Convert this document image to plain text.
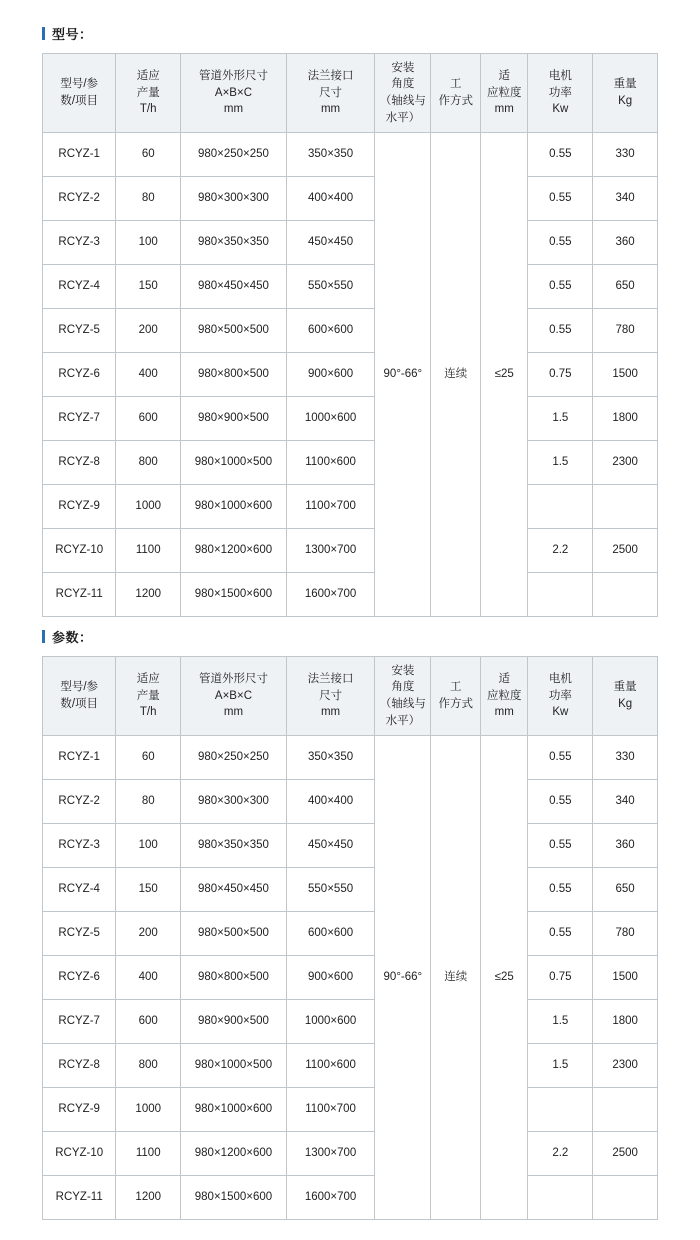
型号：
型号/参
数/项目	适应
产量
T/h	管道外形尺寸
A×B×C
mm	法兰接口
尺寸
mm	安装
角度
（轴线与
水平）	工
作方式	适
应粒度
mm	电机
功率
Kw	重量
Kg

RCYZ-1	60	980×250×250	350×350	90°-66°	连续	≤25	0.55	330
RCYZ-2	80	980×300×300	400×400				0.55	340
RCYZ-3	100	980×350×350	450×450				0.55	360
RCYZ-4	150	980×450×450	550×550				0.55	650
RCYZ-5	200	980×500×500	600×600				0.55	780
RCYZ-6	400	980×800×500	900×600				0.75	1500
RCYZ-7	600	980×900×500	1000×600				1.5	1800
RCYZ-8	800	980×1000×500	1100×600				1.5	2300
RCYZ-9	1000	980×1000×600	1100×700					
RCYZ-10	1100	980×1200×600	1300×700				2.2	2500
RCYZ-11	1200	980×1500×600	1600×700					
参数：
型号/参
数/项目	适应
产量
T/h	管道外形尺寸
A×B×C
mm	法兰接口
尺寸
mm	安装
角度
（轴线与
水平）	工
作方式	适
应粒度
mm	电机
功率
Kw	重量
Kg

RCYZ-1	60	980×250×250	350×350	90°-66°	连续	≤25	0.55	330
RCYZ-2	80	980×300×300	400×400				0.55	340
RCYZ-3	100	980×350×350	450×450				0.55	360
RCYZ-4	150	980×450×450	550×550				0.55	650
RCYZ-5	200	980×500×500	600×600				0.55	780
RCYZ-6	400	980×800×500	900×600				0.75	1500
RCYZ-7	600	980×900×500	1000×600				1.5	1800
RCYZ-8	800	980×1000×500	1100×600				1.5	2300
RCYZ-9	1000	980×1000×600	1100×700					
RCYZ-10	1100	980×1200×600	1300×700				2.2	2500
RCYZ-11	1200	980×1500×600	1600×700					
